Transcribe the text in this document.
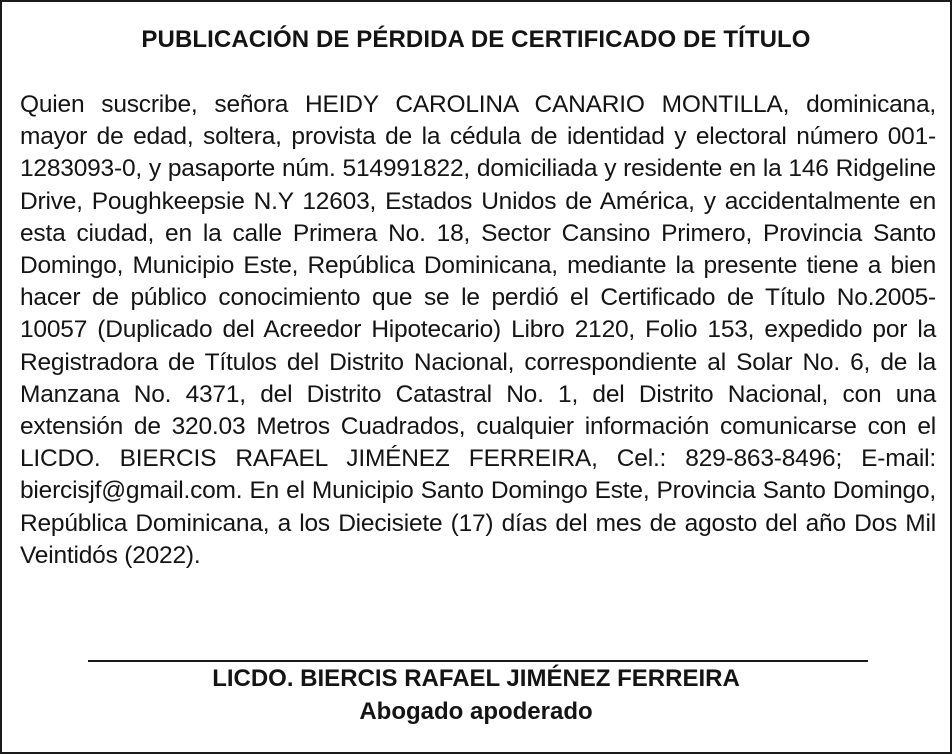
PUBLICACIÓN DE PÉRDIDA DE CERTIFICADO DE TÍTULO

Quien suscribe, señora HEIDY CAROLINA CANARIO MONTILLA, dominicana, mayor de edad, soltera, provista de la cédula de identidad y electoral número 001-1283093-0, y pasaporte núm. 514991822, domiciliada y residente en la 146 Ridgeline Drive, Poughkeepsie N.Y 12603, Estados Unidos de América, y accidentalmente en esta ciudad, en la calle Primera No. 18, Sector Cansino Primero, Provincia Santo Domingo, Municipio Este, República Dominicana, mediante la presente tiene a bien hacer de público conocimiento que se le perdió el Certificado de Título No.2005-10057 (Duplicado del Acreedor Hipotecario) Libro 2120, Folio 153, expedido por la Registradora de Títulos del Distrito Nacional, correspondiente al Solar No. 6, de la Manzana No. 4371, del Distrito Catastral No. 1, del Distrito Nacional, con una extensión de 320.03 Metros Cuadrados, cualquier información comunicarse con el LICDO. BIERCIS RAFAEL JIMÉNEZ FERREIRA, Cel.: 829-863-8496; E-mail: biercisjf@gmail.com. En el Municipio Santo Domingo Este, Provincia Santo Domingo, República Dominicana, a los Diecisiete (17) días del mes de agosto del año Dos Mil Veintidós (2022).

LICDO. BIERCIS RAFAEL JIMÉNEZ FERREIRA
Abogado apoderado
